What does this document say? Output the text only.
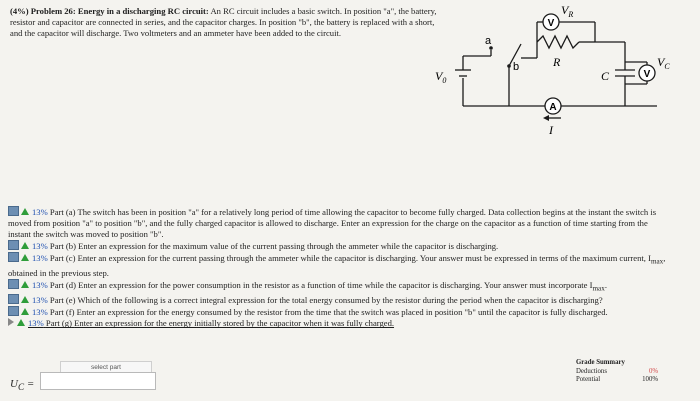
(4%) Problem 26: Energy in a discharging RC circuit: An RC circuit includes a basic switch. In position "a", the battery, resistor and capacitor are connected in series, and the capacitor charges. In position "b", the battery is replaced with a short, and the capacitor will discharge. Two voltmeters and an ammeter have been added to the circuit.
V
V
A
$V_R$
R
C
$V_C$
$V_0$
a
b
I

13% Part (a) The switch has been in position "a" for a relatively long period of time allowing the capacitor to become fully charged. Data collection begins at the instant the switch is moved from position "a" to position "b", and the fully charged capacitor is allowed to discharge. Enter an expression for the charge on the capacitor as a function of time starting from the instant the switch was moved to position "b".

13% Part (b) Enter an expression for the maximum value of the current passing through the ammeter while the capacitor is discharging.

13% Part (c) Enter an expression for the current passing through the ammeter while the capacitor is discharging. Your answer must be expressed in terms of the maximum current, $I_{max}$, obtained in the previous step.

13% Part (d) Enter an expression for the power consumption in the resistor as a function of time while the capacitor is discharging. Your answer must incorporate $I_{max}$.

13% Part (e) Which of the following is a correct integral expression for the total energy consumed by the resistor during the period when the capacitor is discharging?

13% Part (f) Enter an expression for the energy consumed by the resistor from the time that the switch was placed in position "b" until the capacitor is fully discharged.

13% Part (g) Enter an expression for the energy initially stored by the capacitor when it was fully charged.

$U_C$ =
select part
Grade Summary
Deductions	0%
Potential	100%
